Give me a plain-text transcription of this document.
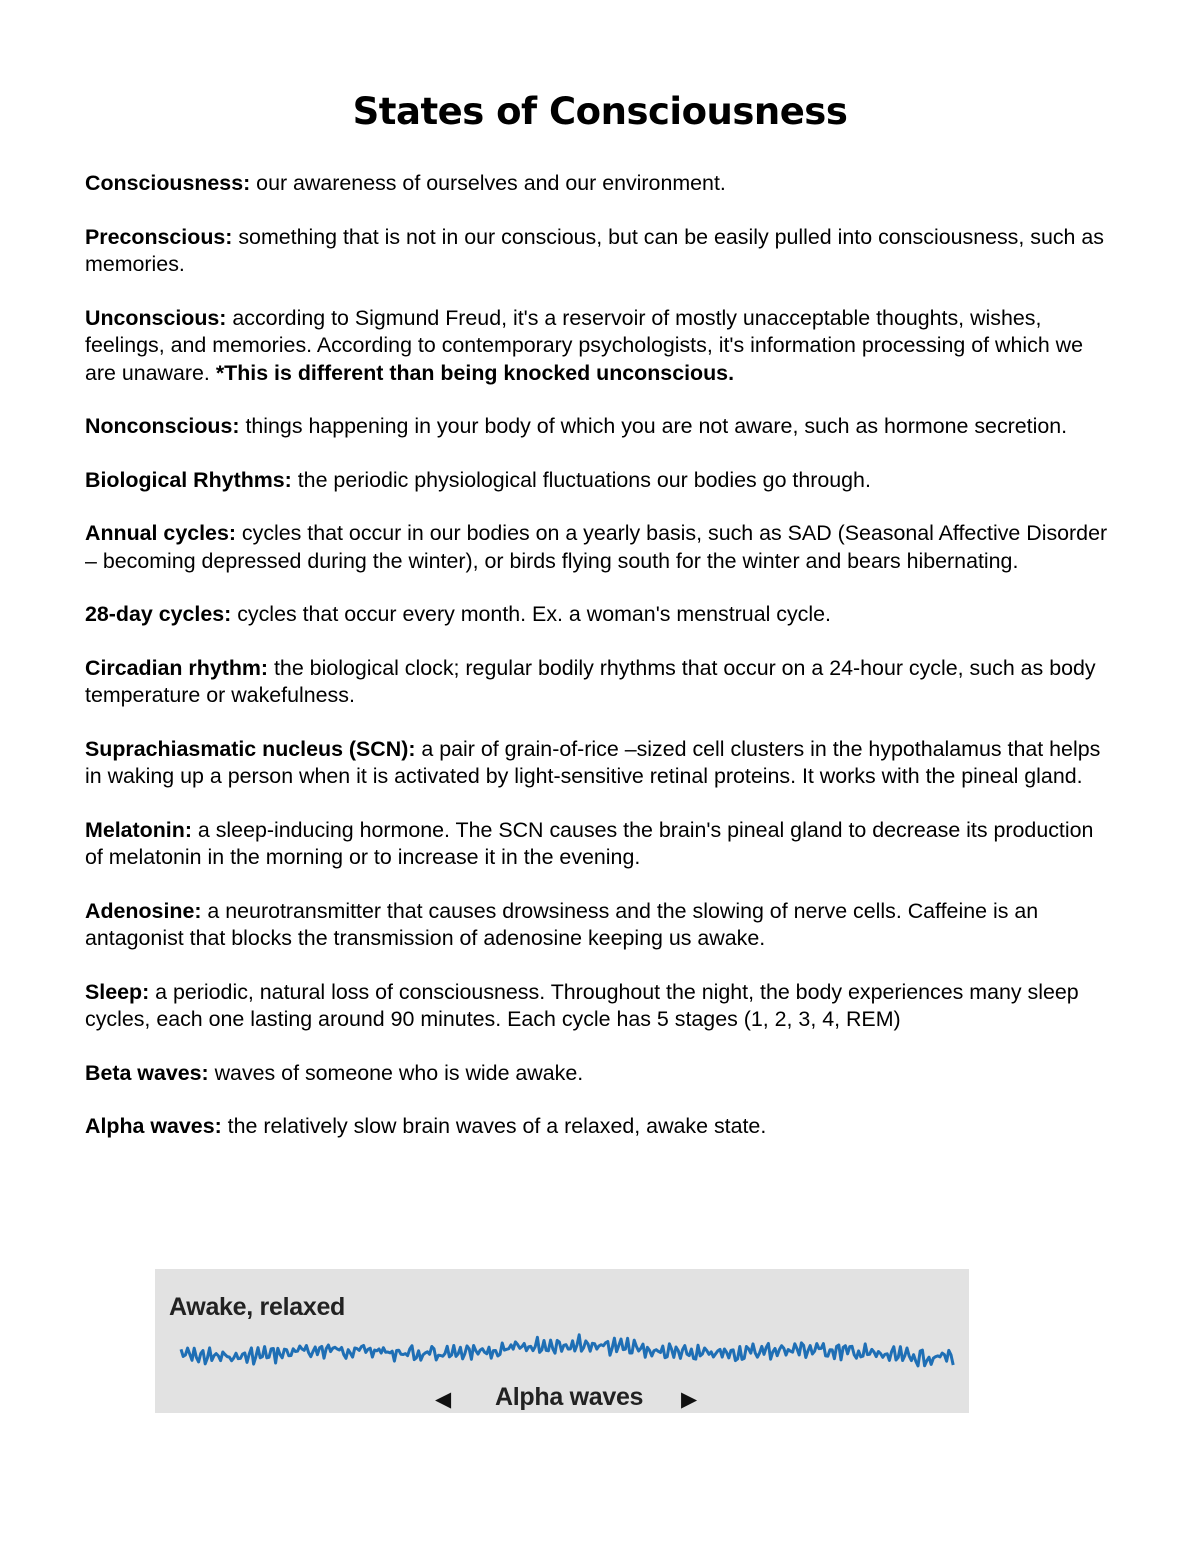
States of Consciousness

Consciousness: our awareness of ourselves and our environment.

Preconscious: something that is not in our conscious, but can be easily pulled into consciousness, such as memories.

Unconscious: according to Sigmund Freud, it's a reservoir of mostly unacceptable thoughts, wishes, feelings, and memories. According to contemporary psychologists, it's information processing of which we are unaware. *This is different than being knocked unconscious.

Nonconscious: things happening in your body of which you are not aware, such as hormone secretion.

Biological Rhythms: the periodic physiological fluctuations our bodies go through.

Annual cycles: cycles that occur in our bodies on a yearly basis, such as SAD (Seasonal Affective Disorder – becoming depressed during the winter), or birds flying south for the winter and bears hibernating.

28-day cycles: cycles that occur every month. Ex. a woman's menstrual cycle.

Circadian rhythm: the biological clock; regular bodily rhythms that occur on a 24-hour cycle, such as body temperature or wakefulness.

Suprachiasmatic nucleus (SCN): a pair of grain-of-rice –sized cell clusters in the hypothalamus that helps in waking up a person when it is activated by light-sensitive retinal proteins. It works with the pineal gland.

Melatonin: a sleep-inducing hormone. The SCN causes the brain's pineal gland to decrease its production of melatonin in the morning or to increase it in the evening.

Adenosine: a neurotransmitter that causes drowsiness and the slowing of nerve cells. Caffeine is an antagonist that blocks the transmission of adenosine keeping us awake.

Sleep: a periodic, natural loss of consciousness. Throughout the night, the body experiences many sleep cycles, each one lasting around 90 minutes. Each cycle has 5 stages (1, 2, 3, 4, REM)

Beta waves: waves of someone who is wide awake.

Alpha waves: the relatively slow brain waves of a relaxed, awake state.

Awake, relaxed
◀ Alpha waves ▶
